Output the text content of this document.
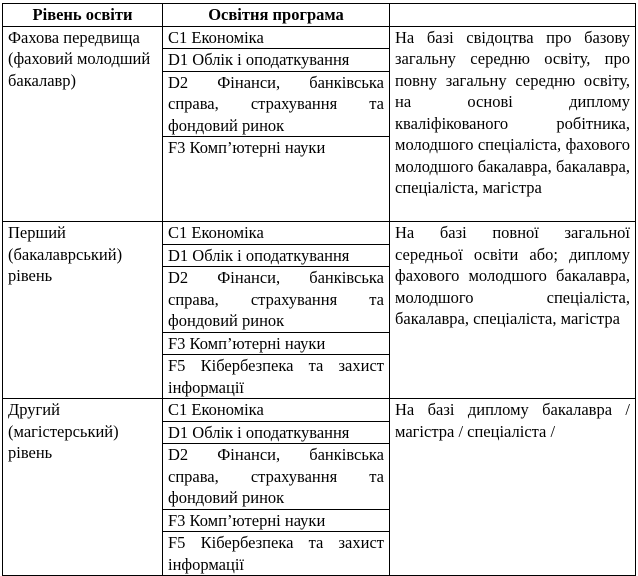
Рівень освіти	Освітня програма	
Фахова передвища (фаховий молодший бакалавр)	C1 Економіка	На базі свідоцтва про базову загальну середню освіту, про повну загальну середню освіту, на основі диплому кваліфікованого робітника, молодшого спеціаліста, фахового молодшого бакалавра, бакалавра, спеціаліста, магістра
	D1 Облік і оподаткування	
	D2 Фінанси, банківська справа, страхування та фондовий ринок	
	F3 Комп’ютерні науки	
Перший (бакалаврський) рівень	C1 Економіка	На базі повної загальної середньої освіти або; диплому фахового молодшого бакалавра, молодшого спеціаліста, бакалавра, спеціаліста, магістра
	D1 Облік і оподаткування	
	D2 Фінанси, банківська справа, страхування та фондовий ринок	
	F3 Комп’ютерні науки	
	F5 Кібербезпека та захист інформації	
Другий (магістерський) рівень	C1 Економіка	На базі диплому бакалавра / магістра / спеціаліста /
	D1 Облік і оподаткування	
	D2 Фінанси, банківська справа, страхування та фондовий ринок	
	F3 Комп’ютерні науки	
	F5 Кібербезпека та захист інформації	
